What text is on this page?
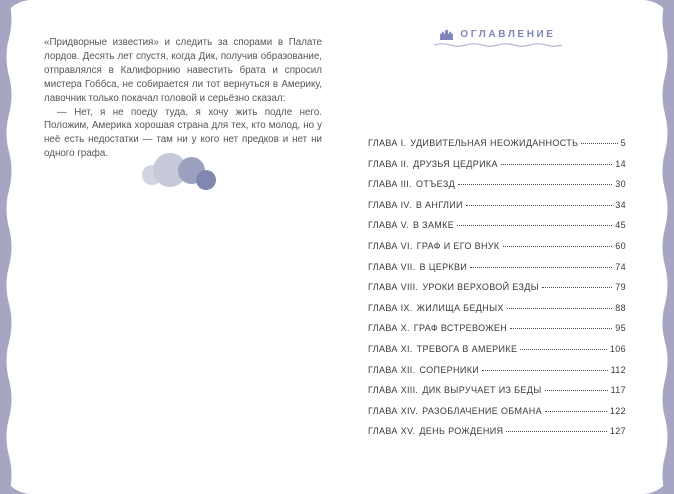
«Придворные известия» и следить за спорами в Палате лордов. Десять лет спустя, когда Дик, получив образование, отправлялся в Калифорнию навестить брата и спросил мистера Гоббса, не собирается ли тот вернуться в Америку, лавочник только покачал головой и серьёзно сказал:

— Нет, я не поеду туда, я хочу жить подле него. Положим, Америка хорошая страна для тех, кто молод, но у неё есть недостатки — там ни у кого нет предков и нет ни одного графа.

ОГЛАВЛЕНИЕ
ГЛАВА I. УДИВИТЕЛЬНАЯ НЕОЖИДАННОСТЬ	5
ГЛАВА II. ДРУЗЬЯ ЦЕДРИКА	14
ГЛАВА III. ОТЪЕЗД	30
ГЛАВА IV. В АНГЛИИ	34
ГЛАВА V. В ЗАМКЕ	45
ГЛАВА VI. ГРАФ И ЕГО ВНУК	60
ГЛАВА VII. В ЦЕРКВИ	74
ГЛАВА VIII. УРОКИ ВЕРХОВОЙ ЕЗДЫ	79
ГЛАВА IX. ЖИЛИЩА БЕДНЫХ	88
ГЛАВА X. ГРАФ ВСТРЕВОЖЕН	95
ГЛАВА XI. ТРЕВОГА В АМЕРИКЕ	106
ГЛАВА XII. СОПЕРНИКИ	112
ГЛАВА XIII. ДИК ВЫРУЧАЕТ ИЗ БЕДЫ	117
ГЛАВА XIV. РАЗОБЛАЧЕНИЕ ОБМАНА	122
ГЛАВА XV. ДЕНЬ РОЖДЕНИЯ	127
